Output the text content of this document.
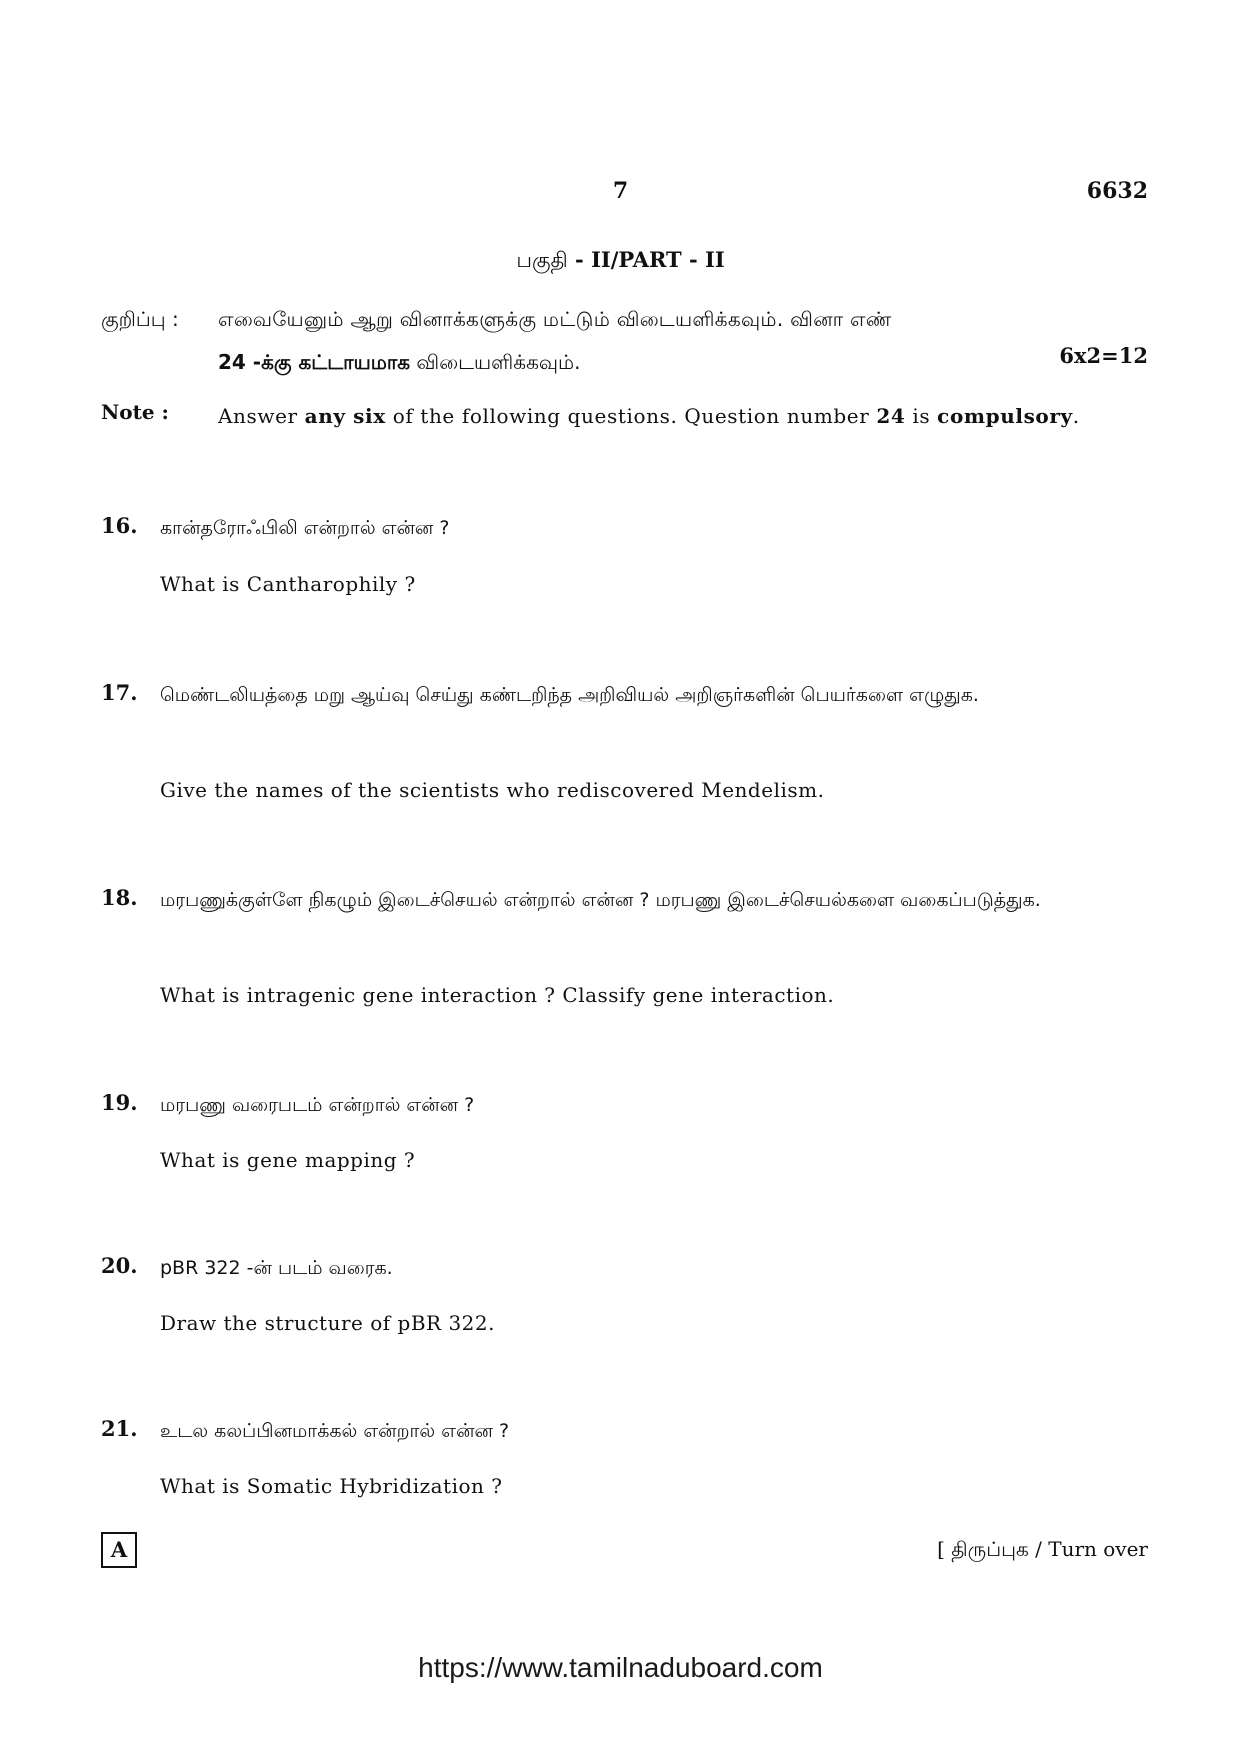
7	6632
பகுதி - II/PART - II
குறிப்பு : எவையேனும் ஆறு வினாக்களுக்கு மட்டும் விடையளிக்கவும். வினா எண்
24 -க்கு கட்டாயமாக விடையளிக்கவும்.	6x2=12
Note : Answer any six of the following questions. Question number 24 is compulsory.
16. கான்தரோஃபிலி என்றால் என்ன ?
What is Cantharophily ?
17. மெண்டலியத்தை மறு ஆய்வு செய்து கண்டறிந்த அறிவியல் அறிஞர்களின் பெயர்களை எழுதுக.
Give the names of the scientists who rediscovered Mendelism.
18. மரபணுக்குள்ளே நிகழும் இடைச்செயல் என்றால் என்ன ? மரபணு இடைச்செயல்களை வகைப்படுத்துக.
What is intragenic gene interaction ? Classify gene interaction.
19. மரபணு வரைபடம் என்றால் என்ன ?
What is gene mapping ?
20. pBR 322 -ன் படம் வரைக.
Draw the structure of pBR 322.
21. உடல கலப்பினமாக்கல் என்றால் என்ன ?
What is Somatic Hybridization ?
A	[ திருப்புக / Turn over
https://www.tamilnaduboard.com
